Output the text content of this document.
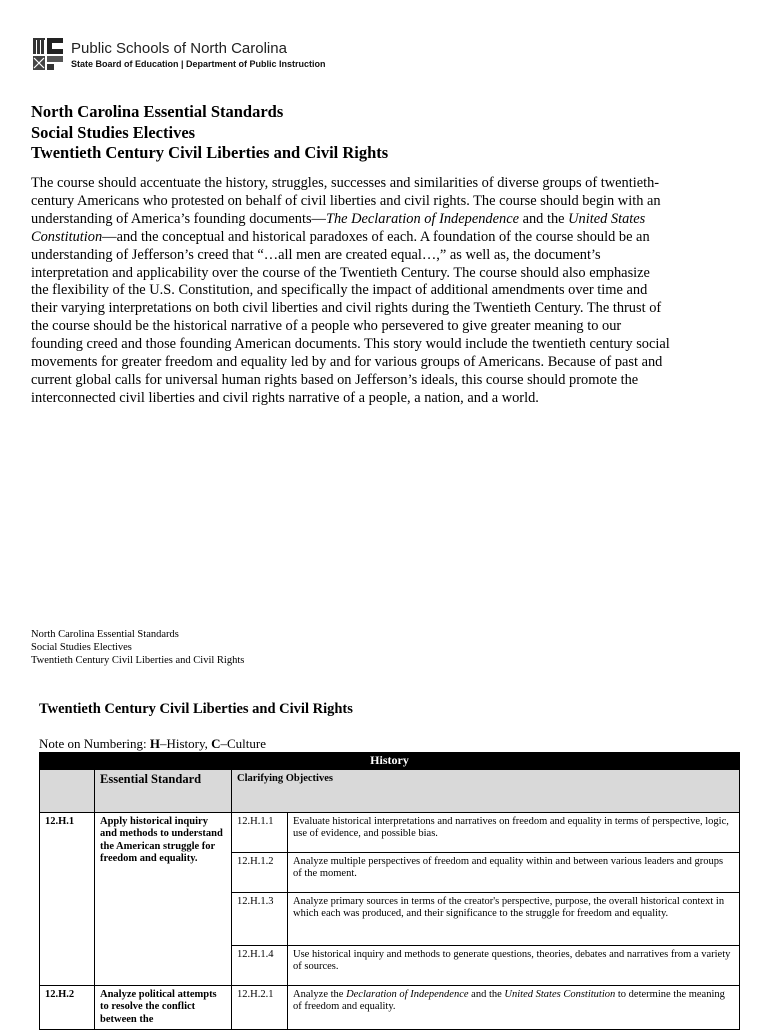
Public Schools of North Carolina
State Board of Education | Department of Public Instruction
North Carolina Essential Standards
Social Studies Electives
Twentieth Century Civil Liberties and Civil Rights
The course should accentuate the history, struggles, successes and similarities of diverse groups of twentieth-century Americans who protested on behalf of civil liberties and civil rights. The course should begin with an understanding of America’s founding documents—The Declaration of Independence and the United States Constitution—and the conceptual and historical paradoxes of each. A foundation of the course should be an understanding of Jefferson’s creed that “…all men are created equal…,” as well as, the document’s interpretation and applicability over the course of the Twentieth Century. The course should also emphasize the flexibility of the U.S. Constitution, and specifically the impact of additional amendments over time and their varying interpretations on both civil liberties and civil rights during the Twentieth Century. The thrust of the course should be the historical narrative of a people who persevered to give greater meaning to our founding creed and those founding American documents. This story would include the twentieth century social movements for greater freedom and equality led by and for various groups of Americans. Because of past and current global calls for universal human rights based on Jefferson’s ideals, this course should promote the interconnected civil liberties and civil rights narrative of a people, a nation, and a world.
North Carolina Essential Standards
Social Studies Electives
Twentieth Century Civil Liberties and Civil Rights
Twentieth Century Civil Liberties and Civil Rights
Note on Numbering: H–History, C–Culture
History			
	Essential Standard	Clarifying Objectives	
12.H.1	Apply historical inquiry and methods to understand the American struggle for freedom and equality.	12.H.1.1	Evaluate historical interpretations and narratives on freedom and equality in terms of perspective, logic, use of evidence, and possible bias.
		12.H.1.2	Analyze multiple perspectives of freedom and equality within and between various leaders and groups of the moment.
		12.H.1.3	Analyze primary sources in terms of the creator's perspective, purpose, the overall historical context in which each was produced, and their significance to the struggle for freedom and equality.
		12.H.1.4	Use historical inquiry and methods to generate questions, theories, debates and narratives from a variety of sources.
12.H.2	Analyze political attempts to resolve the conflict between the	12.H.2.1	Analyze the Declaration of Independence and the United States Constitution to determine the meaning of freedom and equality.
